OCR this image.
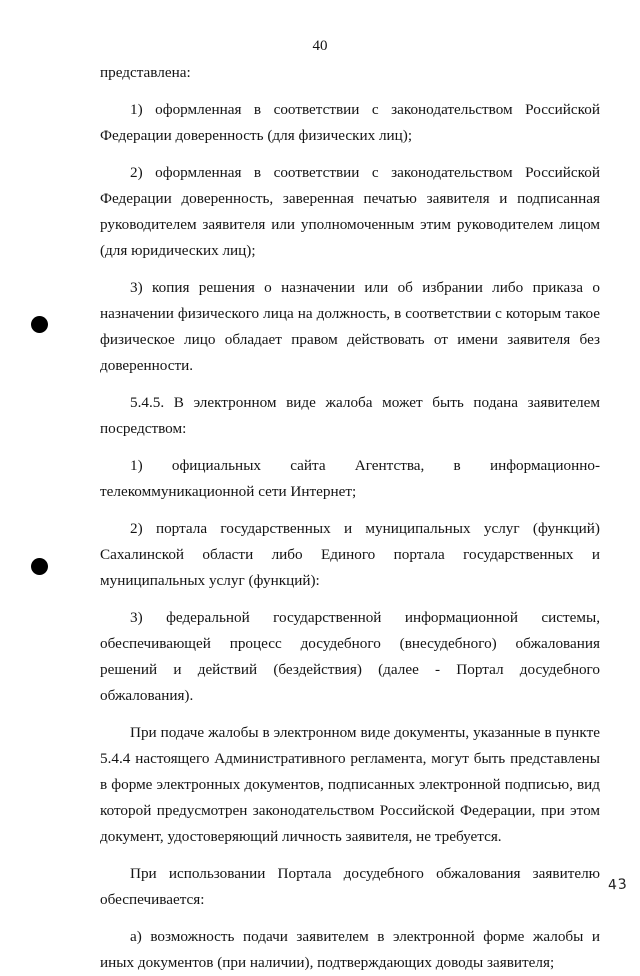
40

представлена:

1) оформленная в соответствии с законодательством Российской Федерации доверенность (для физических лиц);

2) оформленная в соответствии с законодательством Российской Федерации доверенность, заверенная печатью заявителя и подписанная руководителем заявителя или уполномоченным этим руководителем лицом (для юридических лиц);

3) копия решения о назначении или об избрании либо приказа о назначении физического лица на должность, в соответствии с которым такое физическое лицо обладает правом действовать от имени заявителя без доверенности.

5.4.5. В электронном виде жалоба может быть подана заявителем посредством:

1) официальных сайта Агентства, в информационно-

телекоммуникационной сети Интернет;

2) портала государственных и муниципальных услуг (функций) Сахалинской области либо Единого портала государственных и муниципальных услуг (функций):

3) федеральной государственной информационной системы, обеспечивающей процесс досудебного (внесудебного) обжалования решений и действий (бездействия) (далее - Портал досудебного обжалования).

При подаче жалобы в электронном виде документы, указанные в пункте 5.4.4 настоящего Административного регламента, могут быть представлены в форме электронных документов, подписанных электронной подписью, вид которой предусмотрен законодательством Российской Федерации, при этом документ, удостоверяющий личность заявителя, не требуется.

При использовании Портала досудебного обжалования заявителю обеспечивается:

а) возможность подачи заявителем в электронной форме жалобы и иных документов (при наличии), подтверждающих доводы заявителя;

43
